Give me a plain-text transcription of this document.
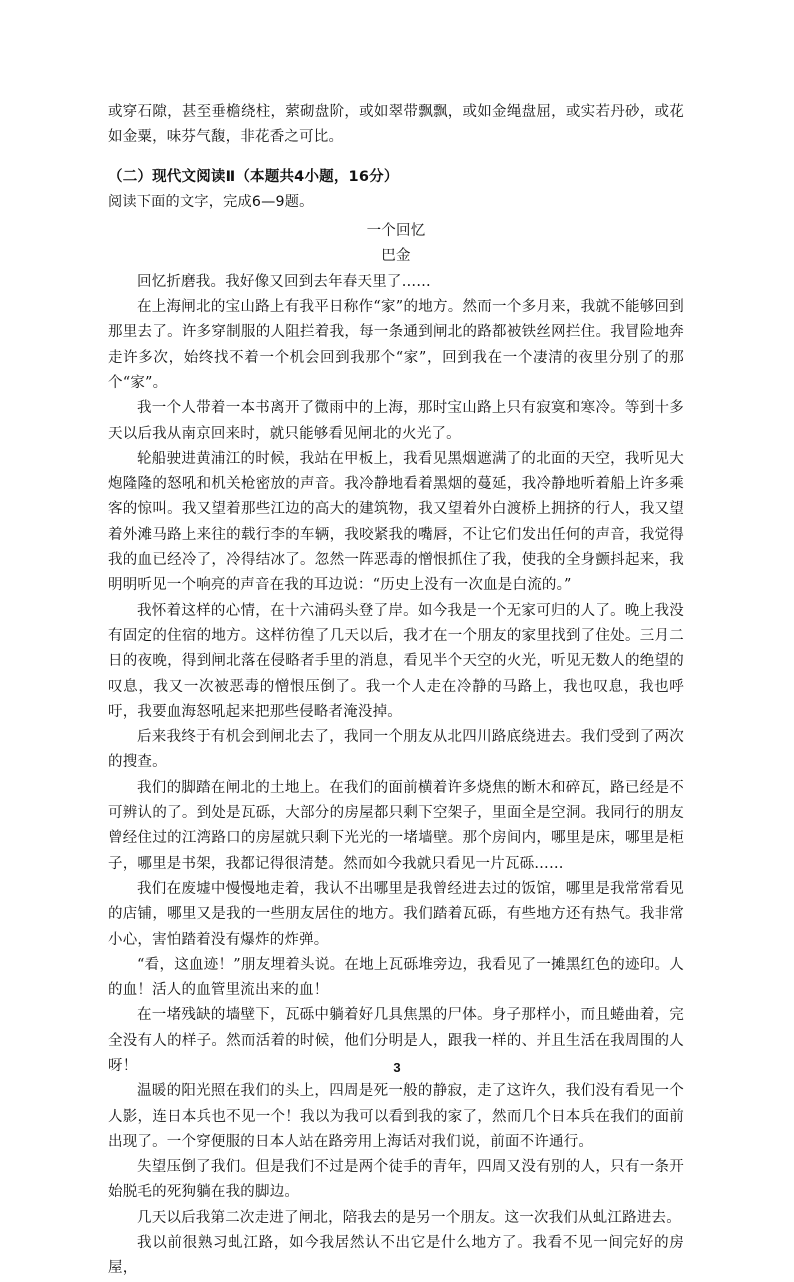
或穿石隙，甚至垂檐绕柱，萦砌盘阶，或如翠带飘飘，或如金绳盘屈，或实若丹砂，或花如金粟，味芬气馥，非花香之可比。

（二）现代文阅读Ⅱ（本题共4小题，16分）

阅读下面的文字，完成6—9题。

一个回忆

巴金

回忆折磨我。我好像又回到去年春天里了……

在上海闸北的宝山路上有我平日称作“家”的地方。然而一个多月来，我就不能够回到那里去了。许多穿制服的人阻拦着我，每一条通到闸北的路都被铁丝网拦住。我冒险地奔走许多次，始终找不着一个机会回到我那个“家”，回到我在一个凄清的夜里分别了的那个“家”。

我一个人带着一本书离开了微雨中的上海，那时宝山路上只有寂寞和寒冷。等到十多天以后我从南京回来时，就只能够看见闸北的火光了。

轮船驶进黄浦江的时候，我站在甲板上，我看见黑烟遮满了的北面的天空，我听见大炮隆隆的怒吼和机关枪密放的声音。我冷静地看着黑烟的蔓延，我冷静地听着船上许多乘客的惊叫。我又望着那些江边的高大的建筑物，我又望着外白渡桥上拥挤的行人，我又望着外滩马路上来往的载行李的车辆，我咬紧我的嘴唇，不让它们发出任何的声音，我觉得我的血已经冷了，冷得结冰了。忽然一阵恶毒的憎恨抓住了我，使我的全身颤抖起来，我明明听见一个响亮的声音在我的耳边说：“历史上没有一次血是白流的。”

我怀着这样的心情，在十六浦码头登了岸。如今我是一个无家可归的人了。晚上我没有固定的住宿的地方。这样彷徨了几天以后，我才在一个朋友的家里找到了住处。三月二日的夜晚，得到闸北落在侵略者手里的消息，看见半个天空的火光，听见无数人的绝望的叹息，我又一次被恶毒的憎恨压倒了。我一个人走在冷静的马路上，我也叹息，我也呼吁，我要血海怒吼起来把那些侵略者淹没掉。

后来我终于有机会到闸北去了，我同一个朋友从北四川路底绕进去。我们受到了两次的搜查。

我们的脚踏在闸北的土地上。在我们的面前横着许多烧焦的断木和碎瓦，路已经是不可辨认的了。到处是瓦砾，大部分的房屋都只剩下空架子，里面全是空洞。我同行的朋友曾经住过的江湾路口的房屋就只剩下光光的一堵墙壁。那个房间内，哪里是床，哪里是柜子，哪里是书架，我都记得很清楚。然而如今我就只看见一片瓦砾……

我们在废墟中慢慢地走着，我认不出哪里是我曾经进去过的饭馆，哪里是我常常看见的店铺，哪里又是我的一些朋友居住的地方。我们踏着瓦砾，有些地方还有热气。我非常小心，害怕踏着没有爆炸的炸弹。

“看，这血迹！”朋友埋着头说。在地上瓦砾堆旁边，我看见了一摊黑红色的迹印。人的血！活人的血管里流出来的血！

在一堵残缺的墙壁下，瓦砾中躺着好几具焦黑的尸体。身子那样小，而且蜷曲着，完全没有人的样子。然而活着的时候，他们分明是人，跟我一样的、并且生活在我周围的人呀！

温暖的阳光照在我们的头上，四周是死一般的静寂，走了这许久，我们没有看见一个人影，连日本兵也不见一个！我以为我可以看到我的家了，然而几个日本兵在我们的面前出现了。一个穿便服的日本人站在路旁用上海话对我们说，前面不许通行。

失望压倒了我们。但是我们不过是两个徒手的青年，四周又没有别的人，只有一条开始脱毛的死狗躺在我的脚边。

几天以后我第二次走进了闸北，陪我去的是另一个朋友。这一次我们从虬江路进去。

我以前很熟习虬江路，如今我居然认不出它是什么地方了。我看不见一间完好的房屋，

3
